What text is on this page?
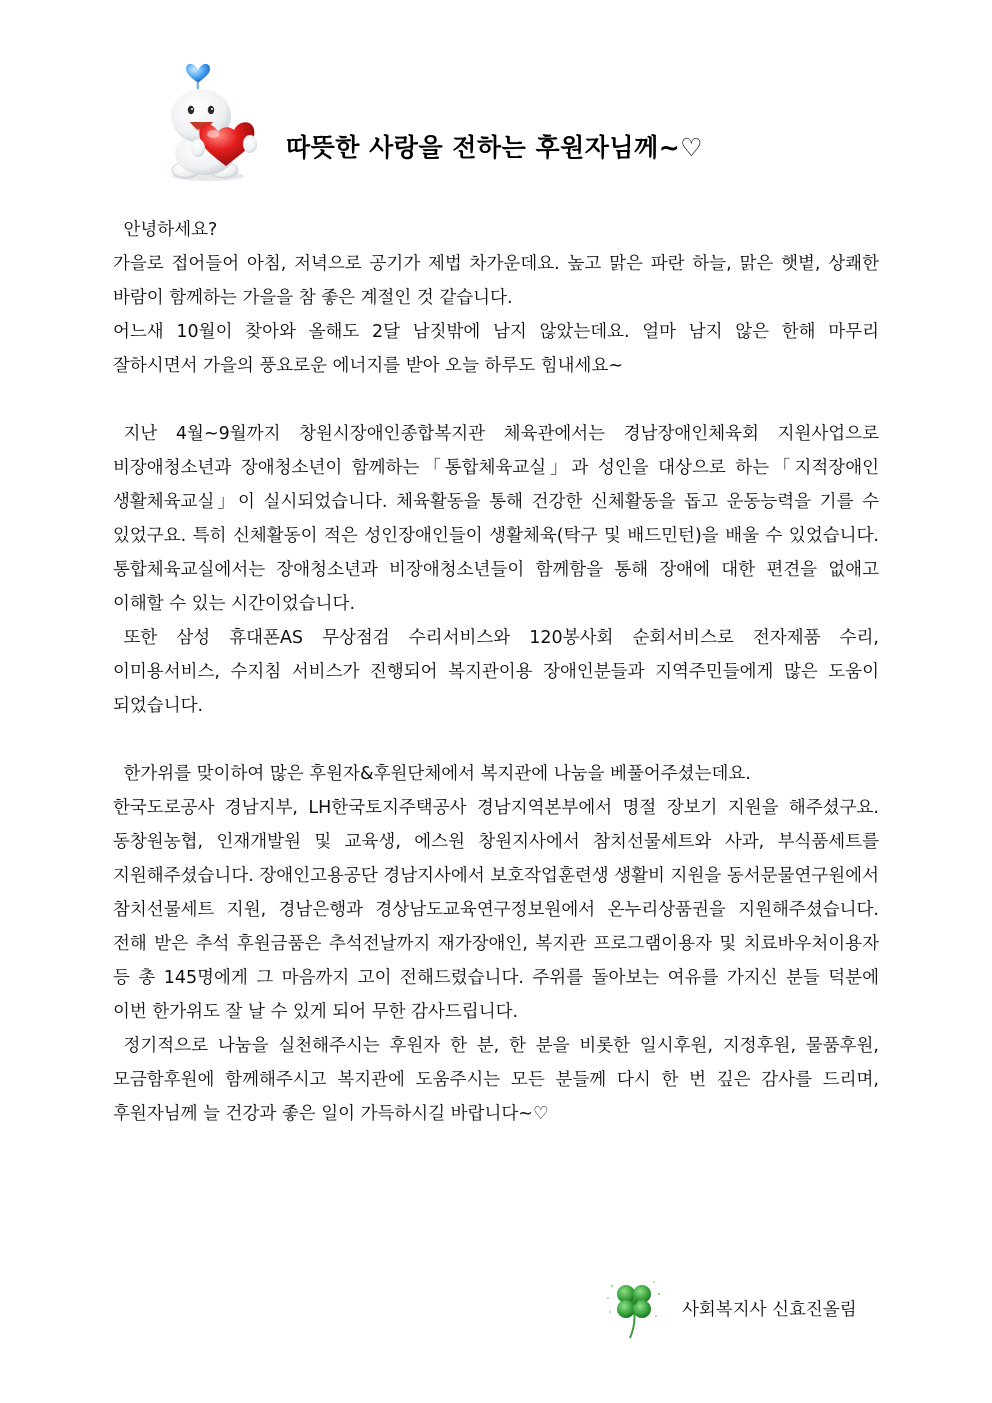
따뜻한 사랑을 전하는 후원자님께~♡

안녕하세요?

가을로 접어들어 아침, 저녁으로 공기가 제법 차가운데요. 높고 맑은 파란 하늘, 맑은 햇볕, 상쾌한 바람이 함께하는 가을을 참 좋은 계절인 것 같습니다.

어느새 10월이 찾아와 올해도 2달 남짓밖에 남지 않았는데요. 얼마 남지 않은 한해 마무리 잘하시면서 가을의 풍요로운 에너지를 받아 오늘 하루도 힘내세요~

지난 4월~9월까지 창원시장애인종합복지관 체육관에서는 경남장애인체육회 지원사업으로 비장애청소년과 장애청소년이 함께하는「통합체육교실」과 성인을 대상으로 하는「지적장애인 생활체육교실」이 실시되었습니다. 체육활동을 통해 건강한 신체활동을 돕고 운동능력을 기를 수 있었구요. 특히 신체활동이 적은 성인장애인들이 생활체육(탁구 및 배드민턴)을 배울 수 있었습니다. 통합체육교실에서는 장애청소년과 비장애청소년들이 함께함을 통해 장애에 대한 편견을 없애고 이해할 수 있는 시간이었습니다.

또한 삼성 휴대폰AS 무상점검 수리서비스와 120봉사회 순회서비스로 전자제품 수리, 이미용서비스, 수지침 서비스가 진행되어 복지관이용 장애인분들과 지역주민들에게 많은 도움이 되었습니다.

한가위를 맞이하여 많은 후원자&후원단체에서 복지관에 나눔을 베풀어주셨는데요.

한국도로공사 경남지부, LH한국토지주택공사 경남지역본부에서 명절 장보기 지원을 해주셨구요. 동창원농협, 인재개발원 및 교육생, 에스원 창원지사에서 참치선물세트와 사과, 부식품세트를 지원해주셨습니다. 장애인고용공단 경남지사에서 보호작업훈련생 생활비 지원을 동서문물연구원에서 참치선물세트 지원, 경남은행과 경상남도교육연구정보원에서 온누리상품권을 지원해주셨습니다. 전해 받은 추석 후원금품은 추석전날까지 재가장애인, 복지관 프로그램이용자 및 치료바우처이용자 등 총 145명에게 그 마음까지 고이 전해드렸습니다. 주위를 돌아보는 여유를 가지신 분들 덕분에 이번 한가위도 잘 날 수 있게 되어 무한 감사드립니다.

정기적으로 나눔을 실천해주시는 후원자 한 분, 한 분을 비롯한 일시후원, 지정후원, 물품후원, 모금함후원에 함께해주시고 복지관에 도움주시는 모든 분들께 다시 한 번 깊은 감사를 드리며, 후원자님께 늘 건강과 좋은 일이 가득하시길 바랍니다~♡

사회복지사 신효진올림
